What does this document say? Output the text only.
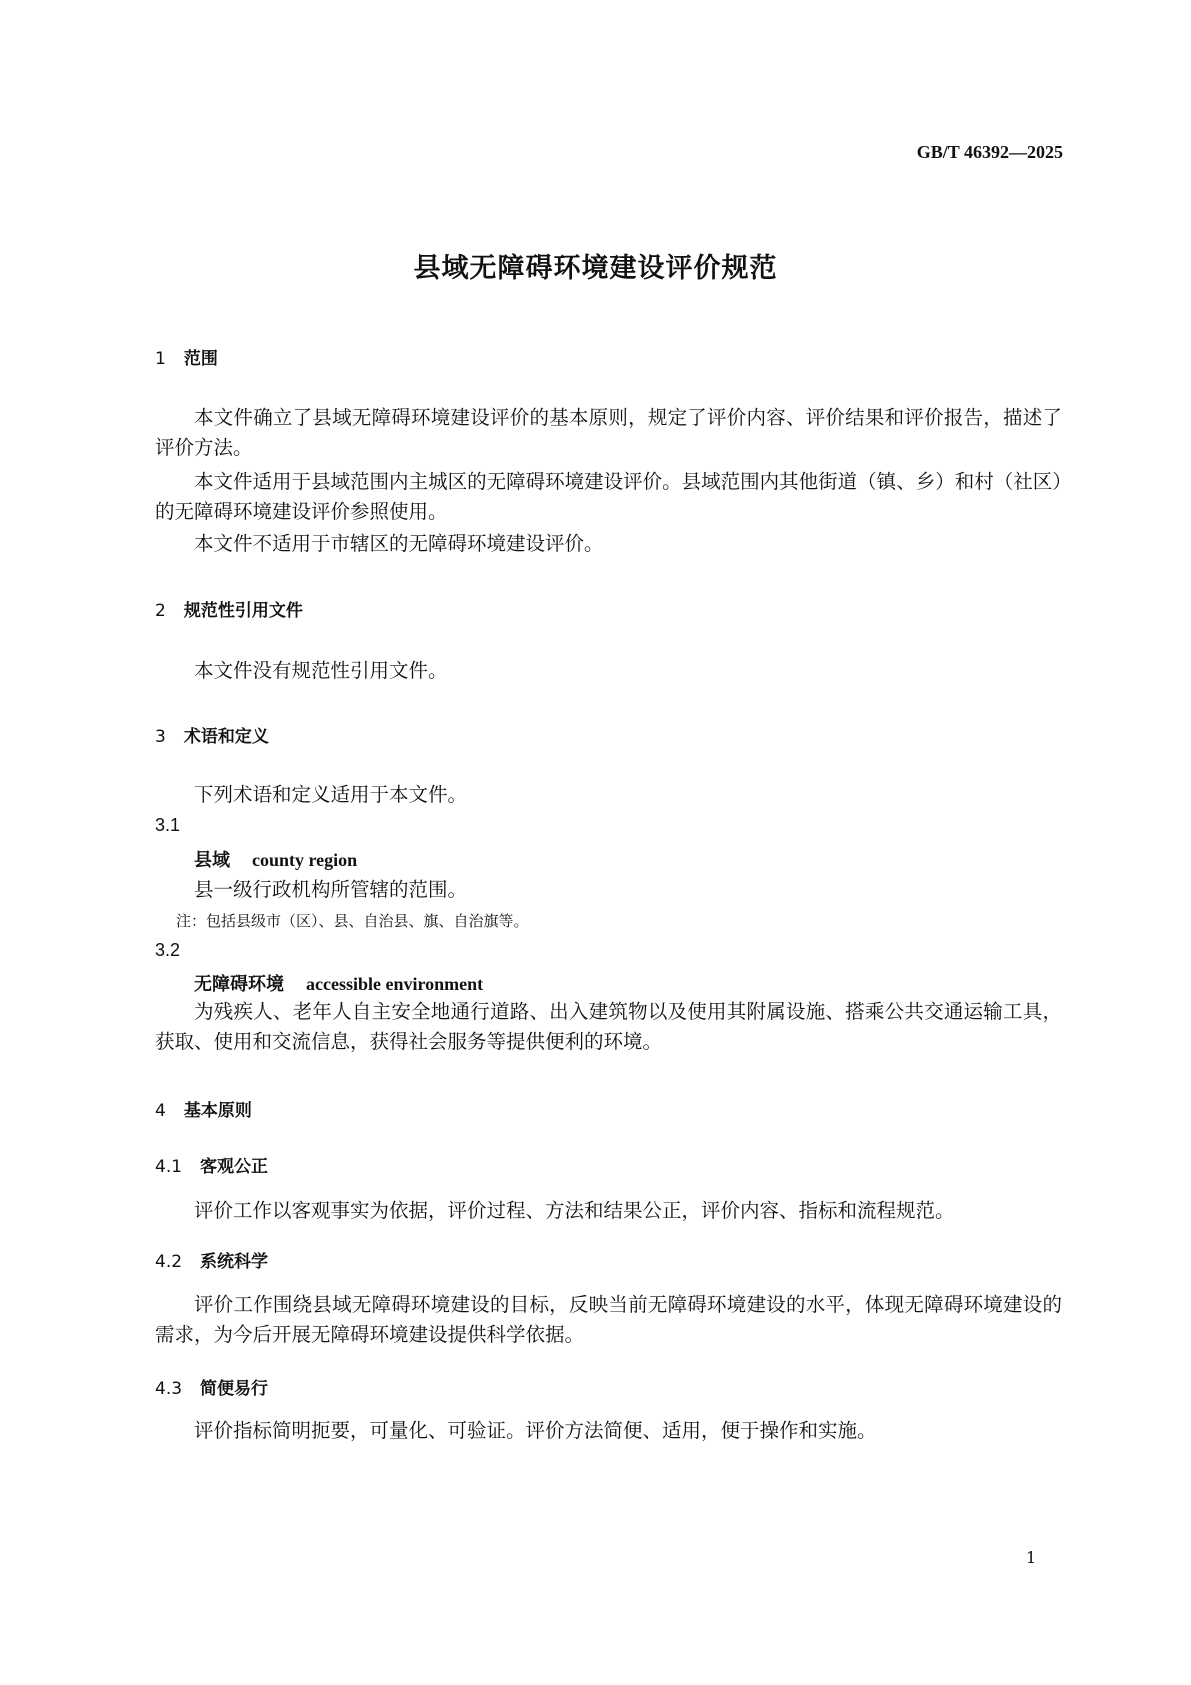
GB/T 46392—2025
县域无障碍环境建设评价规范
1 范围
本文件确立了县域无障碍环境建设评价的基本原则，规定了评价内容、评价结果和评价报告，描述了评价方法。
本文件适用于县域范围内主城区的无障碍环境建设评价。县域范围内其他街道（镇、乡）和村（社区）的无障碍环境建设评价参照使用。
本文件不适用于市辖区的无障碍环境建设评价。
2 规范性引用文件
本文件没有规范性引用文件。
3 术语和定义
下列术语和定义适用于本文件。
3.1
县域 county region
县一级行政机构所管辖的范围。
注：包括县级市（区）、县、自治县、旗、自治旗等。
3.2
无障碍环境 accessible environment
为残疾人、老年人自主安全地通行道路、出入建筑物以及使用其附属设施、搭乘公共交通运输工具，获取、使用和交流信息，获得社会服务等提供便利的环境。
4 基本原则
4.1 客观公正
评价工作以客观事实为依据，评价过程、方法和结果公正，评价内容、指标和流程规范。
4.2 系统科学
评价工作围绕县域无障碍环境建设的目标，反映当前无障碍环境建设的水平，体现无障碍环境建设的需求，为今后开展无障碍环境建设提供科学依据。
4.3 简便易行
评价指标简明扼要，可量化、可验证。评价方法简便、适用，便于操作和实施。
1
